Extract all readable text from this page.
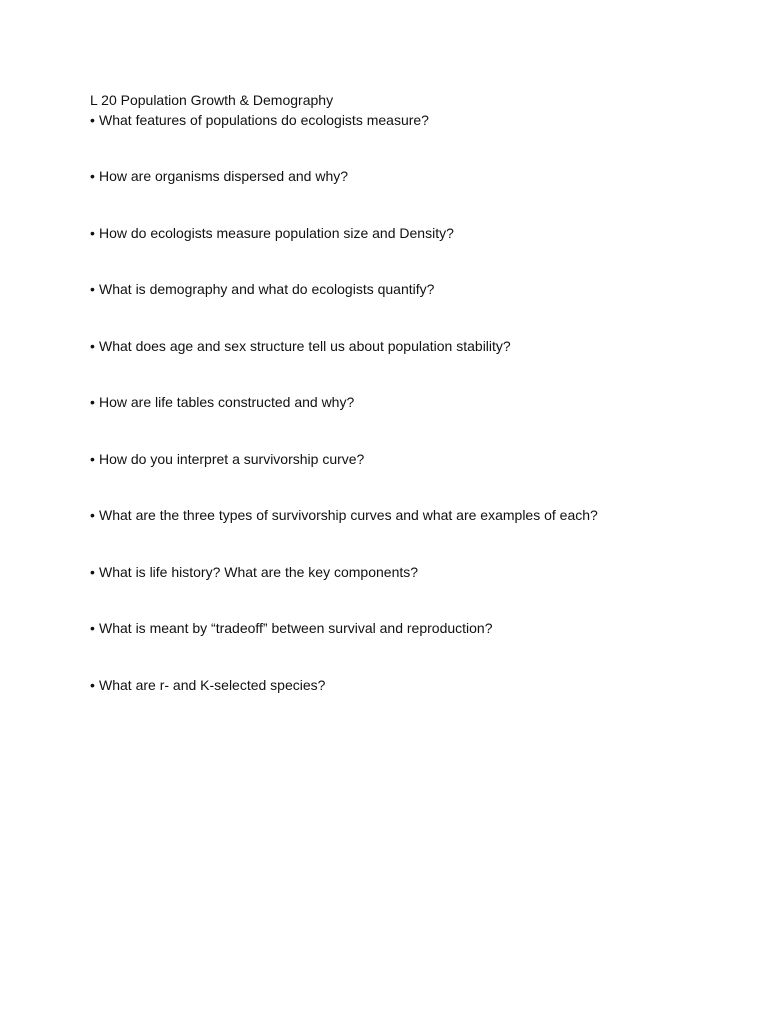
L 20 Population Growth & Demography
• What features of populations do ecologists measure?
• How are organisms dispersed and why?
• How do ecologists measure population size and Density?
• What is demography and what do ecologists quantify?
• What does age and sex structure tell us about population stability?
• How are life tables constructed and why?
• How do you interpret a survivorship curve?
• What are the three types of survivorship curves and what are examples of each?
• What is life history? What are the key components?
• What is meant by “tradeoff” between survival and reproduction?
• What are r- and K-selected species?
